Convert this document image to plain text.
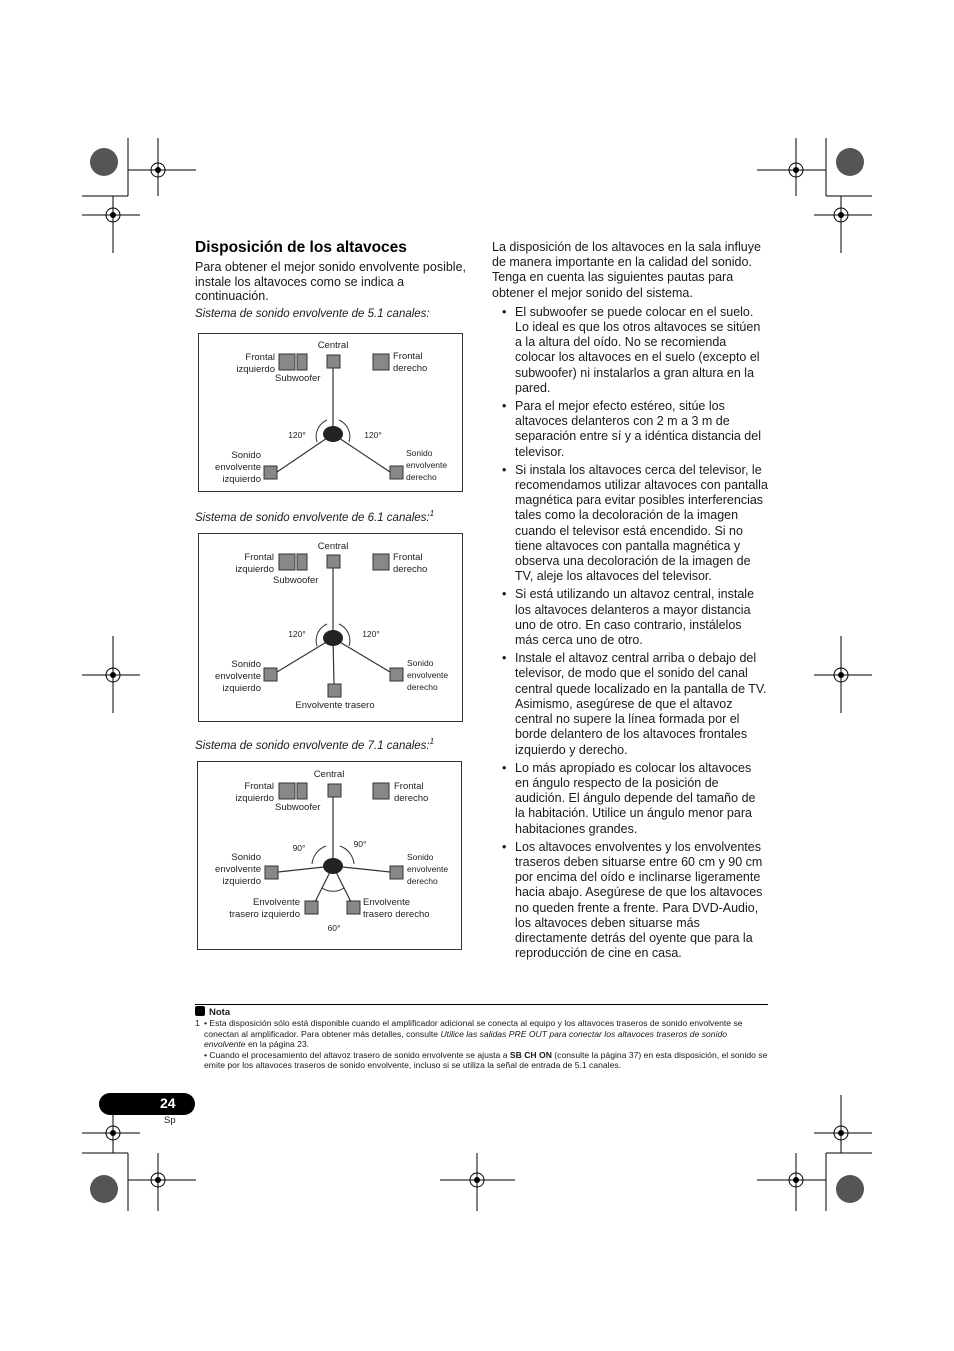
Disposición de los altavoces
Para obtener el mejor sonido envolvente posible, instale los altavoces como se indica a continuación.
Sistema de sonido envolvente de 5.1 canales:
Central
Frontal
izquierdo
Frontal
derecho
Subwoofer
120°	120°
Sonido
envolvente
izquierdo
Sonido
envolvente
derecho
Sistema de sonido envolvente de 6.1 canales:$^1$
Central
Frontal
izquierdo
Frontal
derecho
Subwoofer
120°	120°
Sonido
envolvente
izquierdo
Sonido
envolvente
derecho
Envolvente trasero
Sistema de sonido envolvente de 7.1 canales:$^1$
Central
Frontal
izquierdo
Frontal
derecho
Subwoofer
90°	90°
Sonido
envolvente
izquierdo
Sonido
envolvente
derecho
Envolvente
trasero izquierdo
Envolvente
trasero derecho
60°

La disposición de los altavoces en la sala influye de manera importante en la calidad del sonido. Tenga en cuenta las siguientes pautas para obtener el mejor sonido del sistema.

• El subwoofer se puede colocar en el suelo. Lo ideal es que los otros altavoces se sitúen a la altura del oído. No se recomienda colocar los altavoces en el suelo (excepto el subwoofer) ni instalarlos a gran altura en la pared.
• Para el mejor efecto estéreo, sitúe los altavoces delanteros con 2 m a 3 m de separación entre sí y a idéntica distancia del televisor.
• Si instala los altavoces cerca del televisor, le recomendamos utilizar altavoces con pantalla magnética para evitar posibles interferencias tales como la decoloración de la imagen cuando el televisor está encendido. Si no tiene altavoces con pantalla magnética y observa una decoloración de la imagen de TV, aleje los altavoces del televisor.
• Si está utilizando un altavoz central, instale los altavoces delanteros a mayor distancia uno de otro. En caso contrario, instálelos más cerca uno de otro.
• Instale el altavoz central arriba o debajo del televisor, de modo que el sonido del canal central quede localizado en la pantalla de TV. Asimismo, asegúrese de que el altavoz central no supere la línea formada por el borde delantero de los altavoces frontales izquierdo y derecho.
• Lo más apropiado es colocar los altavoces en ángulo respecto de la posición de audición. El ángulo depende del tamaño de la habitación. Utilice un ángulo menor para habitaciones grandes.
• Los altavoces envolventes y los envolventes traseros deben situarse entre 60 cm y 90 cm por encima del oído e inclinarse ligeramente hacia abajo. Asegúrese de que los altavoces no queden frente a frente. Para DVD-Audio, los altavoces deben situarse más directamente detrás del oyente que para la reproducción de cine en casa.
Nota
1 • Esta disposición sólo está disponible cuando el amplificador adicional se conecta al equipo y los altavoces traseros de sonido envolvente se conectan al amplificador. Para obtener más detalles, consulte Utilice las salidas PRE OUT para conectar los altavoces traseros de sonido envolvente en la página 23.
• Cuando el procesamiento del altavoz trasero de sonido envolvente se ajusta a SB CH ON (consulte la página 37) en esta disposición, el sonido se emite por los altavoces traseros de sonido envolvente, incluso si se utiliza la señal de entrada de 5.1 canales.
24
Sp
